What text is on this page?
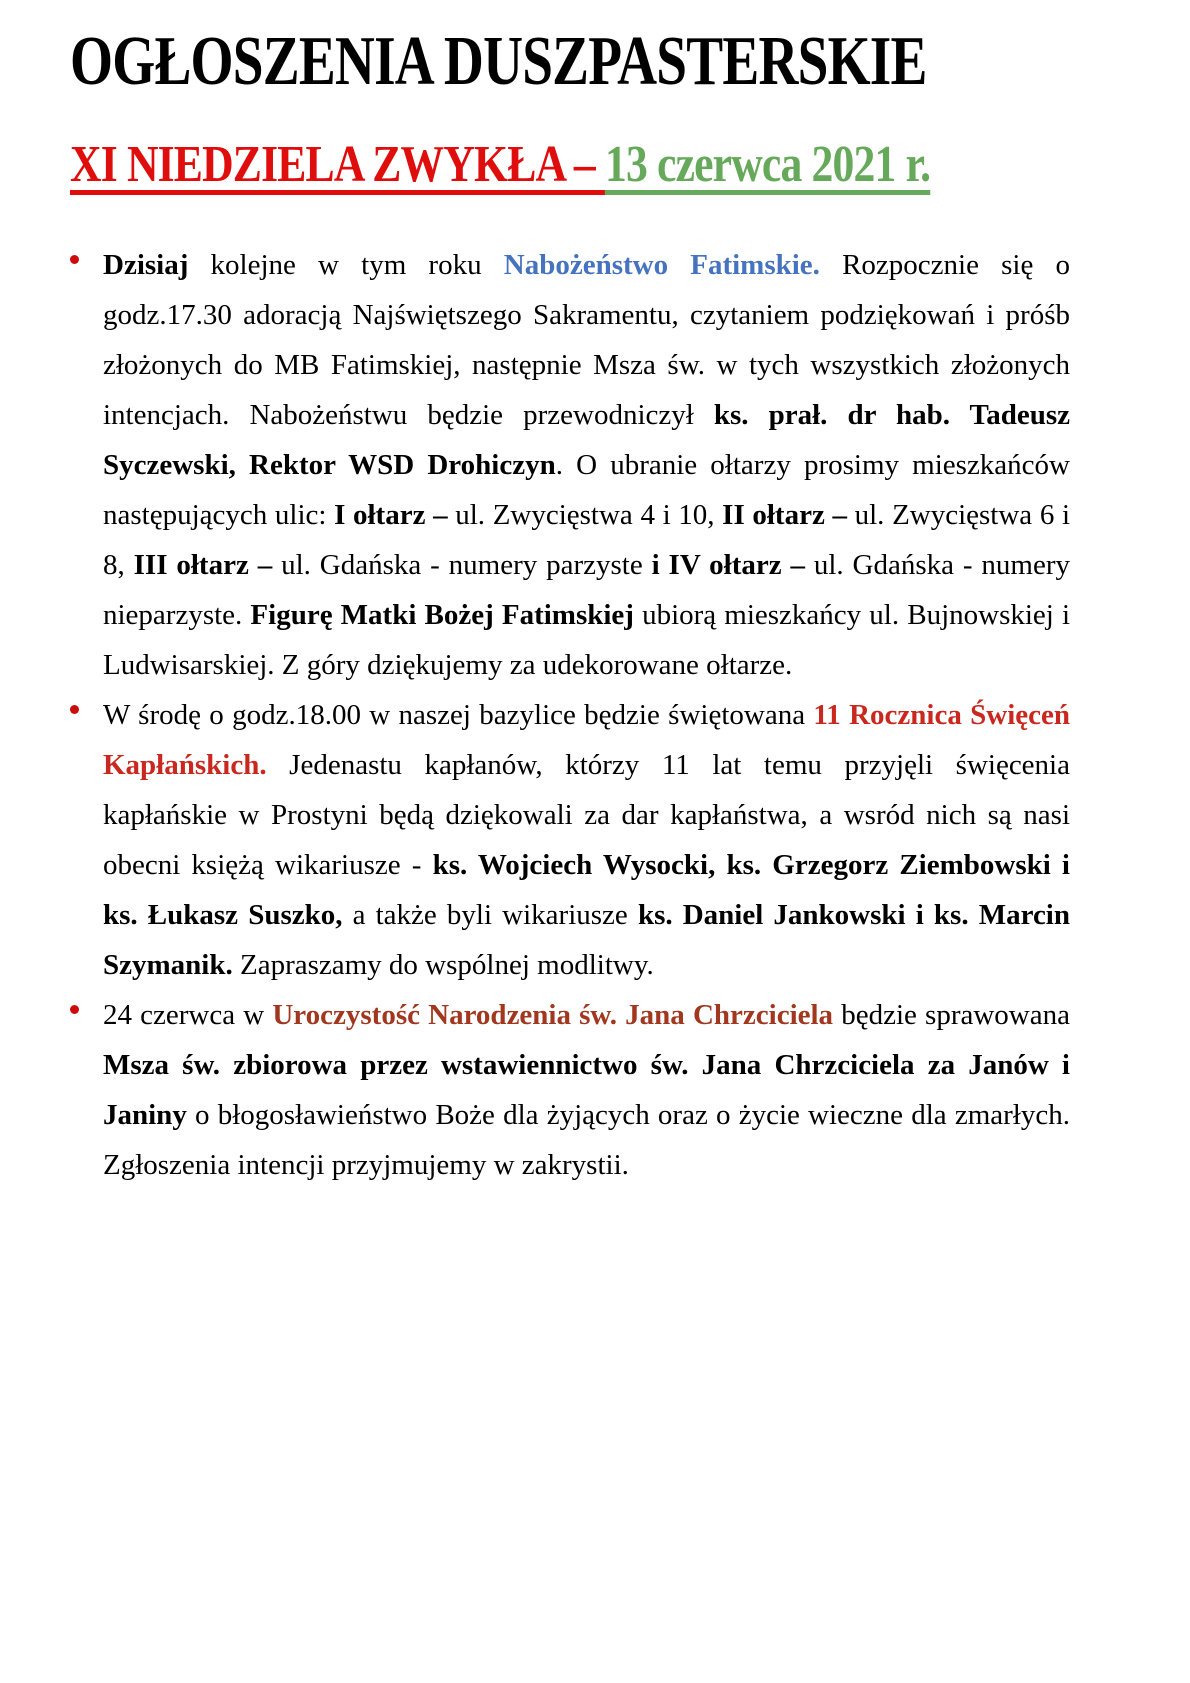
OGŁOSZENIA DUSZPASTERSKIE
XI NIEDZIELA ZWYKŁA – 13 czerwca 2021 r.
Dzisiaj kolejne w tym roku Nabożeństwo Fatimskie. Rozpocznie się o godz.17.30 adoracją Najświętszego Sakramentu, czytaniem podziękowań i próśb złożonych do MB Fatimskiej, następnie Msza św. w tych wszystkich złożonych intencjach. Nabożeństwu będzie przewodniczył ks. prał. dr hab. Tadeusz Syczewski, Rektor WSD Drohiczyn. O ubranie ołtarzy prosimy mieszkańców następujących ulic: I ołtarz – ul. Zwycięstwa 4 i 10, II ołtarz – ul. Zwycięstwa 6 i 8, III ołtarz – ul. Gdańska - numery parzyste i IV ołtarz – ul. Gdańska - numery nieparzyste. Figurę Matki Bożej Fatimskiej ubiorą mieszkańcy ul. Bujnowskiej i Ludwisarskiej. Z góry dziękujemy za udekorowane ołtarze.
W środę o godz.18.00 w naszej bazylice będzie świętowana 11 Rocznica Święceń Kapłańskich. Jedenastu kapłanów, którzy 11 lat temu przyjęli święcenia kapłańskie w Prostyni będą dziękowali za dar kapłaństwa, a wsród nich są nasi obecni księżą wikariusze - ks. Wojciech Wysocki, ks. Grzegorz Ziembowski i ks. Łukasz Suszko, a także byli wikariusze ks. Daniel Jankowski i ks. Marcin Szymanik. Zapraszamy do wspólnej modlitwy.
24 czerwca w Uroczystość Narodzenia św. Jana Chrzciciela będzie sprawowana Msza św. zbiorowa przez wstawiennictwo św. Jana Chrzciciela za Janów i Janiny o błogosławieństwo Boże dla żyjących oraz o życie wieczne dla zmarłych. Zgłoszenia intencji przyjmujemy w zakrystii.
